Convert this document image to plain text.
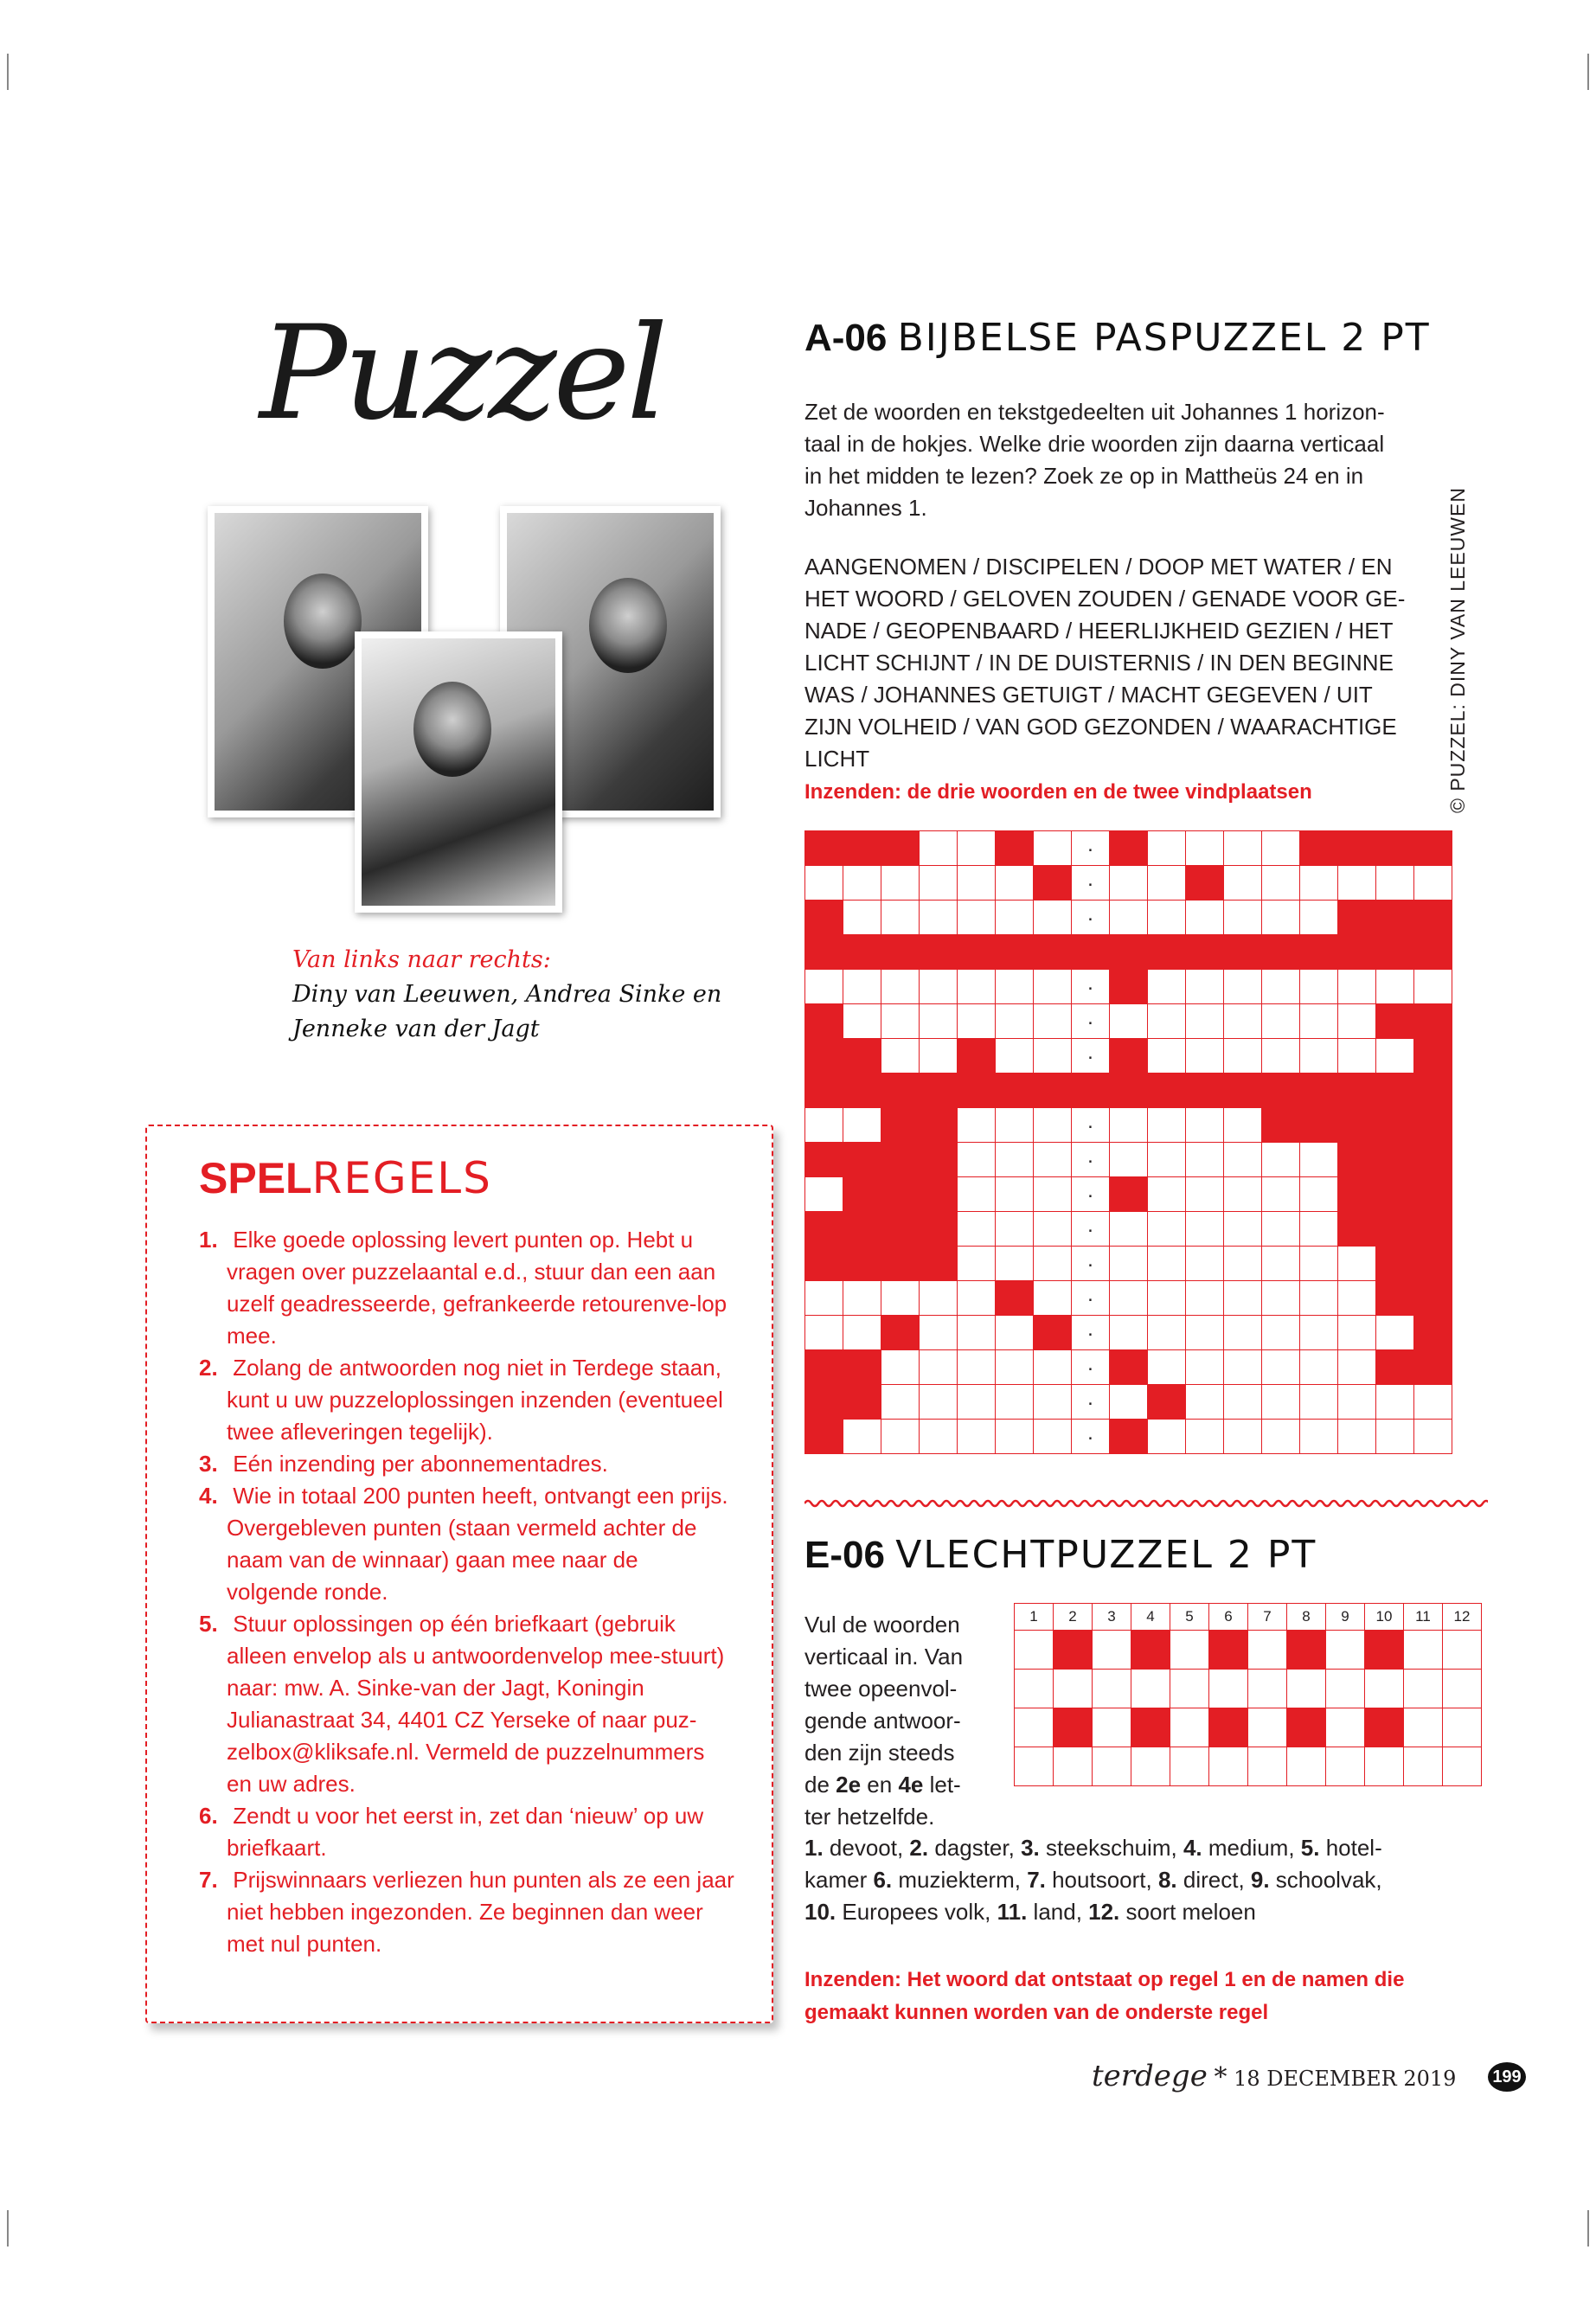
Puzzel
Van links naar rechts:
Diny van Leeuwen, Andrea Sinke en
Jenneke van der Jagt
A-06 BIJBELSE PASPUZZEL 2 PT
Zet de woorden en tekstgedeelten uit Johannes 1 horizon-
taal in de hokjes. Welke drie woorden zijn daarna verticaal
in het midden te lezen? Zoek ze op in Mattheüs 24 en in
Johannes 1.
AANGENOMEN / DISCIPELEN / DOOP MET WATER / EN
HET WOORD / GELOVEN ZOUDEN / GENADE VOOR GE-
NADE / GEOPENBAARD / HEERLIJKHEID GEZIEN / HET
LICHT SCHIJNT / IN DE DUISTERNIS / IN DEN BEGINNE
WAS / JOHANNES GETUIGT / MACHT GEGEVEN / UIT
ZIJN VOLHEID / VAN GOD GEZONDEN / WAARACHTIGE
LICHT
Inzenden: de drie woorden en de twee vindplaatsen	© PUZZEL: DINY VAN LEEUWEN
							.									
							.									
							.									

							.									
							.									
							.									

							.									
							.									
							.									
							.									
							.									
							.									
							.									
							.									
							.									
							.									
E-06 VLECHTPUZZEL 2 PT
Vul de woorden
verticaal in. Van
twee opeenvol-
gende antwoor-
den zijn steeds
de 2e en 4e let-
ter hetzelfde.
1	2	3	4	5	6	7	8	9	10	11	12

1. devoot, 2. dagster, 3. steekschuim, 4. medium, 5. hotel-
kamer 6. muziekterm, 7. houtsoort, 8. direct, 9. schoolvak,
10. Europees volk, 11. land, 12. soort meloen
Inzenden: Het woord dat ontstaat op regel 1 en de namen die
gemaakt kunnen worden van de onderste regel
SPELREGELS
1. Elke goede oplossing levert punten op. Hebt u vragen over puzzelaantal e.d., stuur dan een aan uzelf geadresseerde, gefrankeerde retourenve-lop mee.
2. Zolang de antwoorden nog niet in Terdege staan, kunt u uw puzzeloplossingen inzenden (eventueel twee afleveringen tegelijk).
3. Eén inzending per abonnementadres.
4. Wie in totaal 200 punten heeft, ontvangt een prijs. Overgebleven punten (staan vermeld achter de naam van de winnaar) gaan mee naar de volgende ronde.
5. Stuur oplossingen op één briefkaart (gebruik alleen envelop als u antwoordenvelop mee-stuurt) naar: mw. A. Sinke-van der Jagt, Koningin Julianastraat 34, 4401 CZ Yerseke of naar puz-zelbox@kliksafe.nl. Vermeld de puzzelnummers en uw adres.
6. Zendt u voor het eerst in, zet dan ‘nieuw’ op uw briefkaart.
7. Prijswinnaars verliezen hun punten als ze een jaar niet hebben ingezonden. Ze beginnen dan weer met nul punten.
terdege * 18 DECEMBER 2019 199
